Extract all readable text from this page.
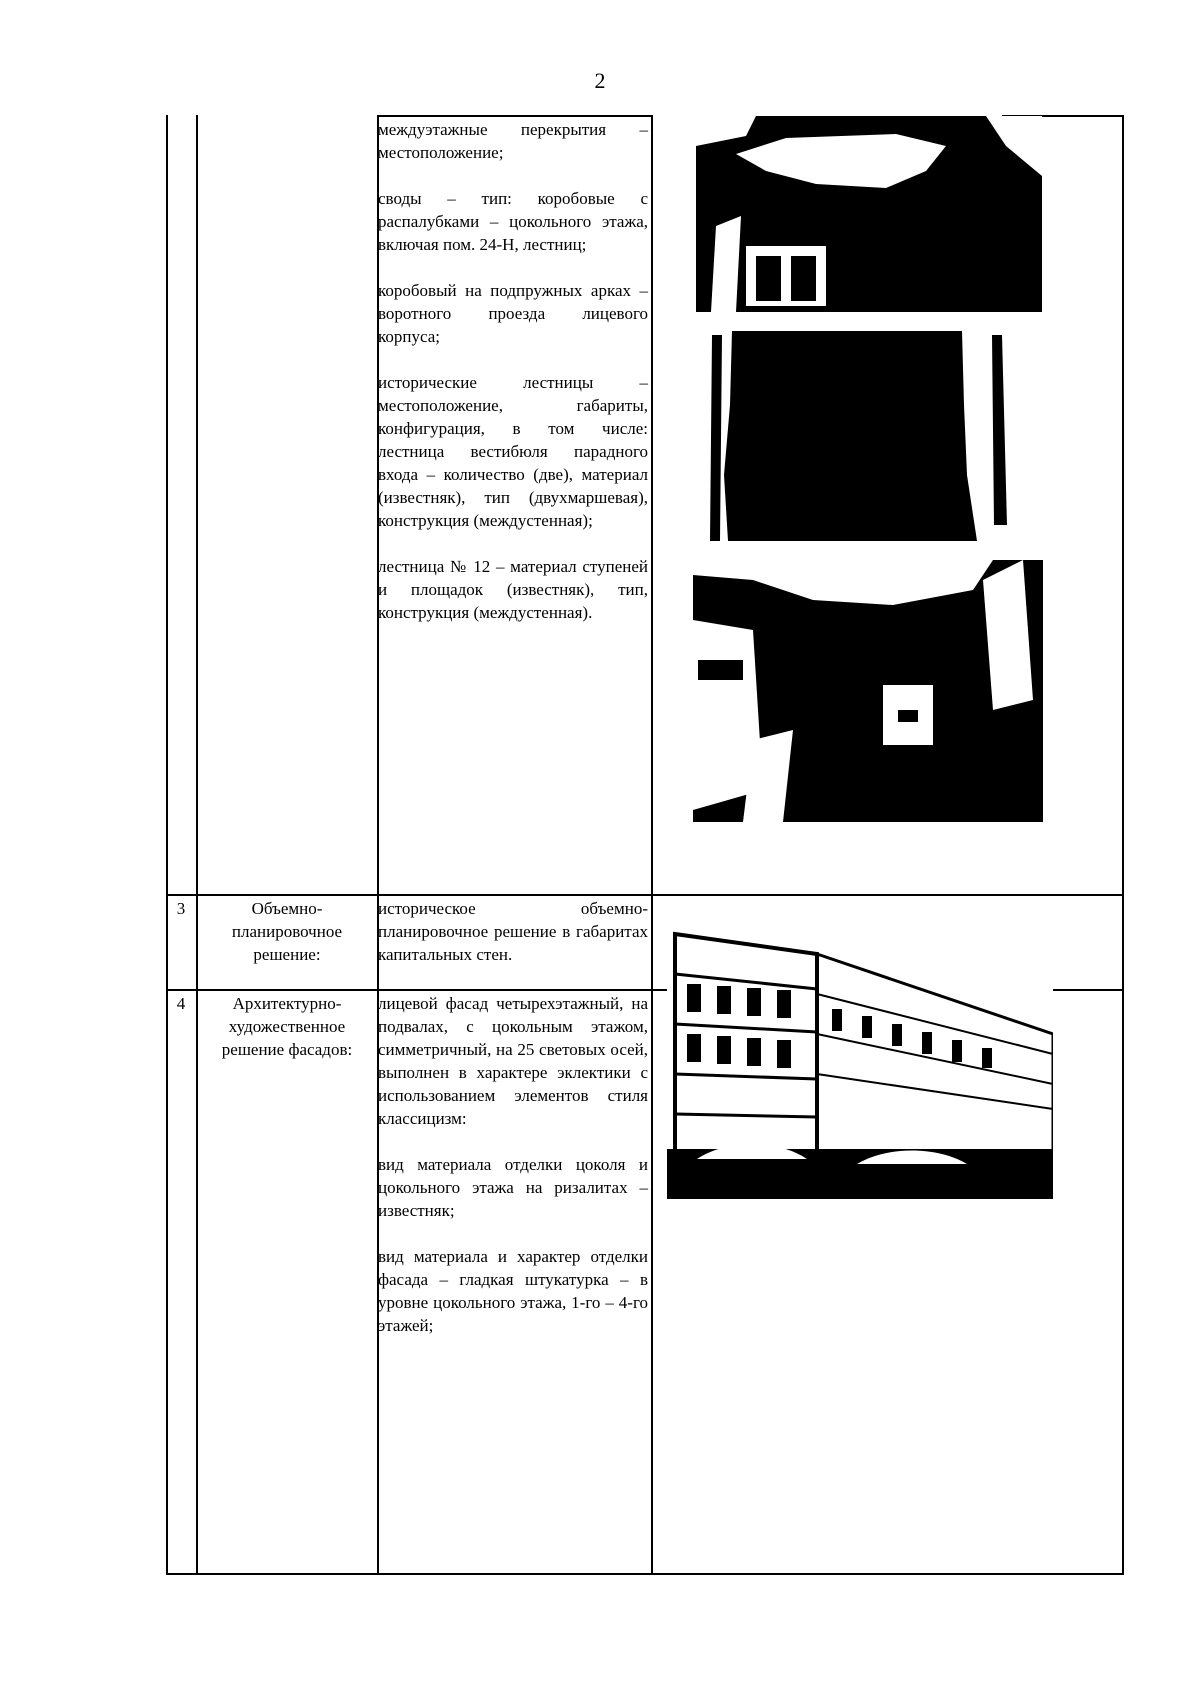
2

междуэтажные перекрытия – местоположение;

своды – тип: коробовые с распалубками – цокольного этажа, включая пом. 24-Н, лестниц;

коробовый на подпружных арках – воротного проезда лицевого корпуса;

исторические лестницы – местоположение, габариты, конфигурация, в том числе: лестница вестибюля парадного входа – количество (две), материал (известняк), тип (двухмаршевая), конструкция (междустенная);

лестница № 12 – материал ступеней и площадок (известняк), тип, конструкция (междустенная).

3	Объемно-планировочное решение:

историческое объемно-планировочное решение в габаритах капитальных стен.

4	Архитектурно-художественное решение фасадов:

лицевой фасад четырехэтажный, на подвалах, с цокольным этажом, симметричный, на 25 световых осей, выполнен в характере эклектики с использованием элементов стиля классицизм:

вид материала отделки цоколя и цокольного этажа на ризалитах – известняк;

вид материала и характер отделки фасада – гладкая штукатурка – в уровне цокольного этажа, 1-го – 4-го этажей;
